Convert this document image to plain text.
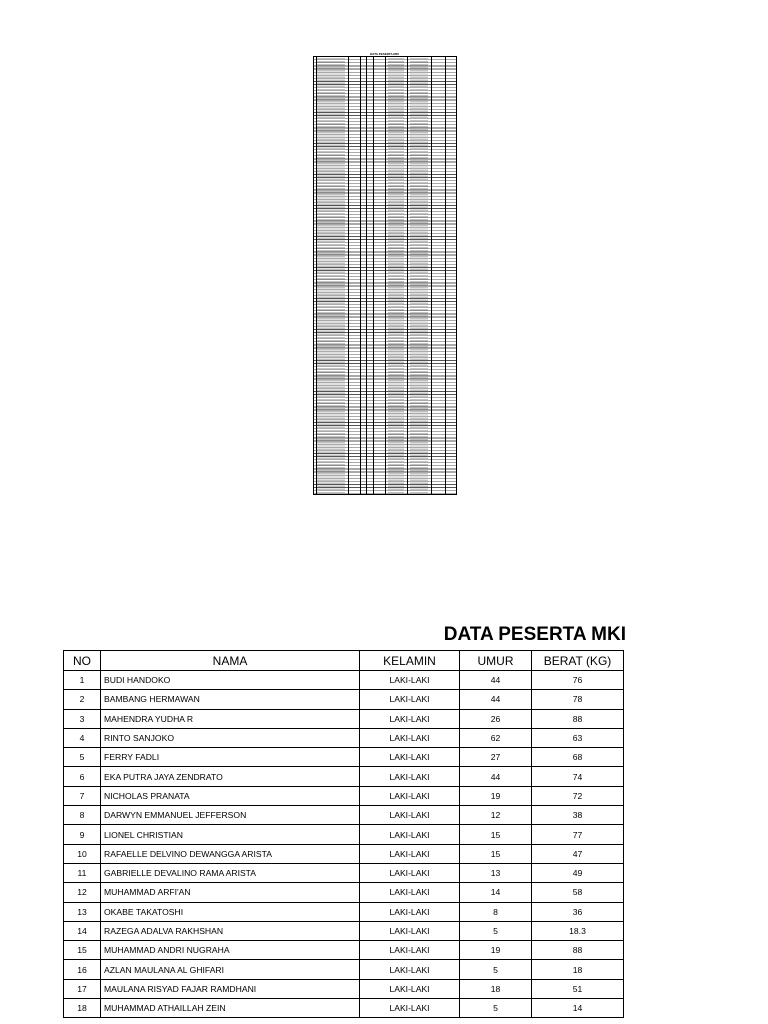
DATA PESERTA MKI
DATA PESERTA MKI
NO	NAMA	KELAMIN	UMUR	BERAT (KG)
1	BUDI HANDOKO	LAKI-LAKI	44	76
2	BAMBANG HERMAWAN	LAKI-LAKI	44	78
3	MAHENDRA YUDHA R	LAKI-LAKI	26	88
4	RINTO SANJOKO	LAKI-LAKI	62	63
5	FERRY FADLI	LAKI-LAKI	27	68
6	EKA PUTRA JAYA ZENDRATO	LAKI-LAKI	44	74
7	NICHOLAS PRANATA	LAKI-LAKI	19	72
8	DARWYN EMMANUEL JEFFERSON	LAKI-LAKI	12	38
9	LIONEL CHRISTIAN	LAKI-LAKI	15	77
10	RAFAELLE DELVINO DEWANGGA ARISTA	LAKI-LAKI	15	47
11	GABRIELLE DEVALINO RAMA ARISTA	LAKI-LAKI	13	49
12	MUHAMMAD ARFI'AN	LAKI-LAKI	14	58
13	OKABE TAKATOSHI	LAKI-LAKI	8	36
14	RAZEGA ADALVA RAKHSHAN	LAKI-LAKI	5	18.3
15	MUHAMMAD ANDRI NUGRAHA	LAKI-LAKI	19	88
16	AZLAN MAULANA AL GHIFARI	LAKI-LAKI	5	18
17	MAULANA RISYAD FAJAR RAMDHANI	LAKI-LAKI	18	51
18	MUHAMMAD ATHAILLAH ZEIN	LAKI-LAKI	5	14
